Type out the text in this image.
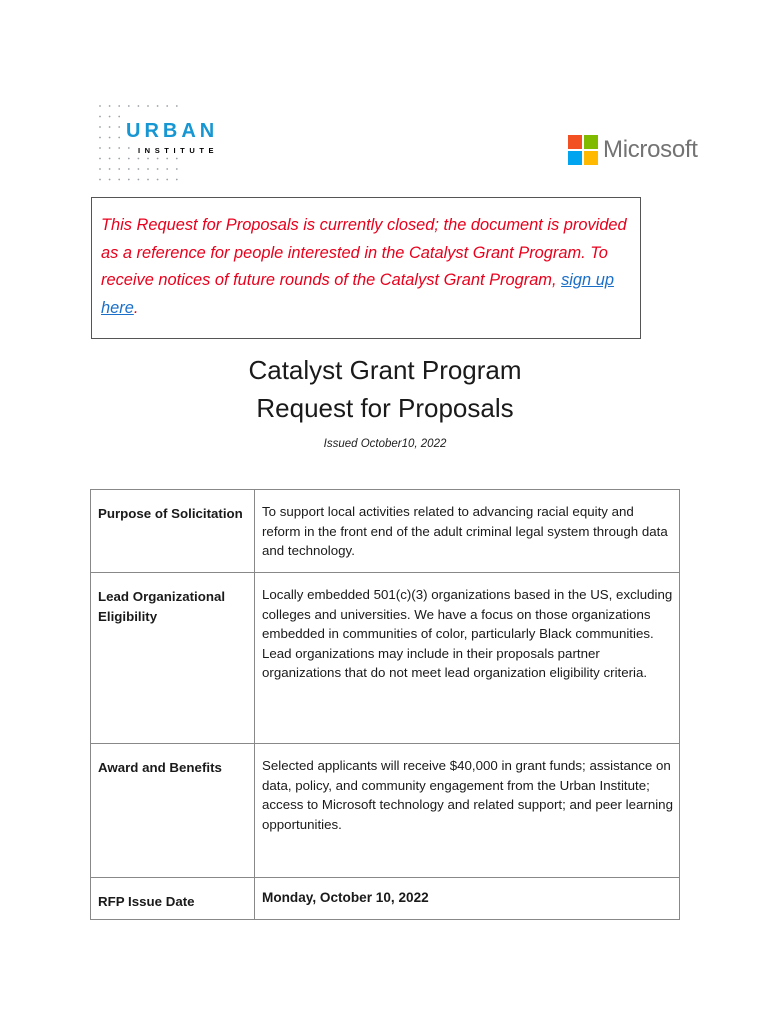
URBAN
INSTITUTE	Microsoft

This Request for Proposals is currently closed; the document is provided as a reference for people interested in the Catalyst Grant Program. To receive notices of future rounds of the Catalyst Grant Program, sign up here.

Catalyst Grant Program
Request for Proposals
Issued October10, 2022
Purpose of Solicitation	To support local activities related to advancing racial equity and reform in the front end of the adult criminal legal system through data and technology.
Lead Organizational Eligibility	Locally embedded 501(c)(3) organizations based in the US, excluding colleges and universities. We have a focus on those organizations embedded in communities of color, particularly Black communities. Lead organizations may include in their proposals partner organizations that do not meet lead organization eligibility criteria.
Award and Benefits	Selected applicants will receive $40,000 in grant funds; assistance on data, policy, and community engagement from the Urban Institute; access to Microsoft technology and related support; and peer learning opportunities.
RFP Issue Date	Monday, October 10, 2022
